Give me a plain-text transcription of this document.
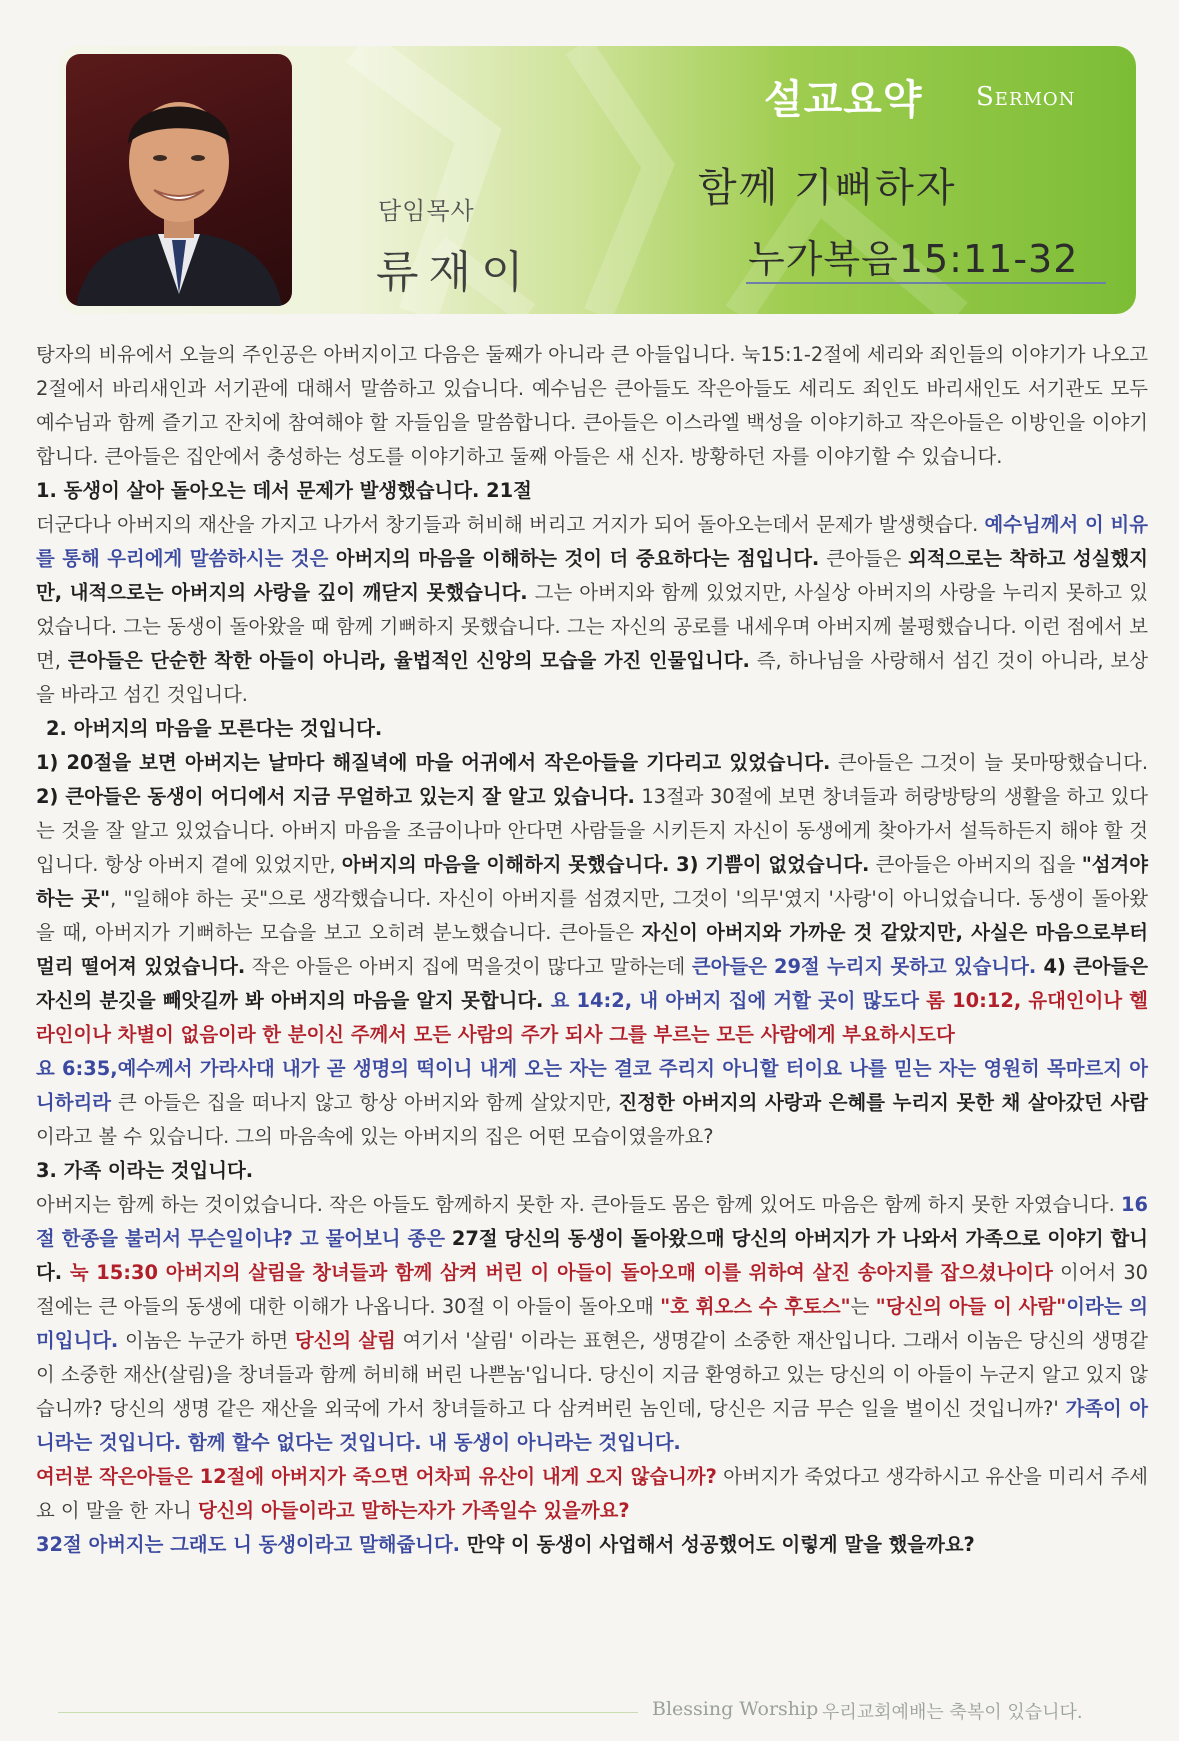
담임목사
류재이
설교요약 Sermon
함께 기뻐하자
누가복음15:11-32

탕자의 비유에서 오늘의 주인공은 아버지이고 다음은 둘째가 아니라 큰 아들입니다. 눅15:1-2절에 세리와 죄인들의 이야기가 나오고 2절에서 바리새인과 서기관에 대해서 말씀하고 있습니다. 예수님은 큰아들도 작은아들도 세리도 죄인도 바리새인도 서기관도 모두 예수님과 함께 즐기고 잔치에 참여해야 할 자들임을 말씀합니다. 큰아들은 이스라엘 백성을 이야기하고 작은아들은 이방인을 이야기합니다. 큰아들은 집안에서 충성하는 성도를 이야기하고 둘째 아들은 새 신자. 방황하던 자를 이야기할 수 있습니다.

1. 동생이 살아 돌아오는 데서 문제가 발생했습니다. 21절

더군다나 아버지의 재산을 가지고 나가서 창기들과 허비해 버리고 거지가 되어 돌아오는데서 문제가 발생햇습다. 예수님께서 이 비유를 통해 우리에게 말씀하시는 것은 아버지의 마음을 이해하는 것이 더 중요하다는 점입니다. 큰아들은 외적으로는 착하고 성실했지만, 내적으로는 아버지의 사랑을 깊이 깨닫지 못했습니다. 그는 아버지와 함께 있었지만, 사실상 아버지의 사랑을 누리지 못하고 있었습니다. 그는 동생이 돌아왔을 때 함께 기뻐하지 못했습니다. 그는 자신의 공로를 내세우며 아버지께 불평했습니다. 이런 점에서 보면, 큰아들은 단순한 착한 아들이 아니라, 율법적인 신앙의 모습을 가진 인물입니다. 즉, 하나님을 사랑해서 섬긴 것이 아니라, 보상을 바라고 섬긴 것입니다.

2. 아버지의 마음을 모른다는 것입니다.

1) 20절을 보면 아버지는 날마다 해질녁에 마을 어귀에서 작은아들을 기다리고 있었습니다. 큰아들은 그것이 늘 못마땅했습니다. 2) 큰아들은 동생이 어디에서 지금 무얼하고 있는지 잘 알고 있습니다. 13절과 30절에 보면 창녀들과 허랑방탕의 생활을 하고 있다는 것을 잘 알고 있었습니다. 아버지 마음을 조금이나마 안다면 사람들을 시키든지 자신이 동생에게 찾아가서 설득하든지 해야 할 것입니다. 항상 아버지 곁에 있었지만, 아버지의 마음을 이해하지 못했습니다. 3) 기쁨이 없었습니다. 큰아들은 아버지의 집을 "섬겨야 하는 곳", "일해야 하는 곳"으로 생각했습니다. 자신이 아버지를 섬겼지만, 그것이 '의무'였지 '사랑'이 아니었습니다. 동생이 돌아왔을 때, 아버지가 기뻐하는 모습을 보고 오히려 분노했습니다. 큰아들은 자신이 아버지와 가까운 것 같았지만, 사실은 마음으로부터 멀리 떨어져 있었습니다. 작은 아들은 아버지 집에 먹을것이 많다고 말하는데 큰아들은 29절 누리지 못하고 있습니다. 4) 큰아들은 자신의 분깃을 빼앗길까 봐 아버지의 마음을 알지 못합니다. 요 14:2, 내 아버지 집에 거할 곳이 많도다 롬 10:12, 유대인이나 헬라인이나 차별이 없음이라 한 분이신 주께서 모든 사람의 주가 되사 그를 부르는 모든 사람에게 부요하시도다

요 6:35,예수께서 가라사대 내가 곧 생명의 떡이니 내게 오는 자는 결코 주리지 아니할 터이요 나를 믿는 자는 영원히 목마르지 아니하리라 큰 아들은 집을 떠나지 않고 항상 아버지와 함께 살았지만, 진정한 아버지의 사랑과 은혜를 누리지 못한 채 살아갔던 사람이라고 볼 수 있습니다. 그의 마음속에 있는 아버지의 집은 어떤 모습이였을까요?

3. 가족 이라는 것입니다.

아버지는 함께 하는 것이었습니다. 작은 아들도 함께하지 못한 자. 큰아들도 몸은 함께 있어도 마음은 함께 하지 못한 자였습니다. 16절 한종을 불러서 무슨일이냐? 고 물어보니 종은 27절 당신의 동생이 돌아왔으매 당신의 아버지가 가 나와서 가족으로 이야기 합니다. 눅 15:30 아버지의 살림을 창녀들과 함께 삼켜 버린 이 아들이 돌아오매 이를 위하여 살진 송아지를 잡으셨나이다 이어서 30절에는 큰 아들의 동생에 대한 이해가 나옵니다. 30절 이 아들이 돌아오매 "호 휘오스 수 후토스"는 "당신의 아들 이 사람"이라는 의미입니다. 이놈은 누군가 하면 당신의 살림 여기서 '살림' 이라는 표현은, 생명같이 소중한 재산입니다. 그래서 이놈은 당신의 생명같이 소중한 재산(살림)을 창녀들과 함께 허비해 버린 나쁜놈'입니다. 당신이 지금 환영하고 있는 당신의 이 아들이 누군지 알고 있지 않습니까? 당신의 생명 같은 재산을 외국에 가서 창녀들하고 다 삼켜버린 놈인데, 당신은 지금 무슨 일을 벌이신 것입니까?' 가족이 아니라는 것입니다. 함께 할수 없다는 것입니다. 내 동생이 아니라는 것입니다.

여러분 작은아들은 12절에 아버지가 죽으면 어차피 유산이 내게 오지 않습니까? 아버지가 죽었다고 생각하시고 유산을 미리서 주세요 이 말을 한 자니 당신의 아들이라고 말하는자가 가족일수 있을까요?

32절 아버지는 그래도 니 동생이라고 말해줍니다. 만약 이 동생이 사업해서 성공했어도 이렇게 말을 했을까요?

Blessing Worship 우리교회예배는 축복이 있습니다.
